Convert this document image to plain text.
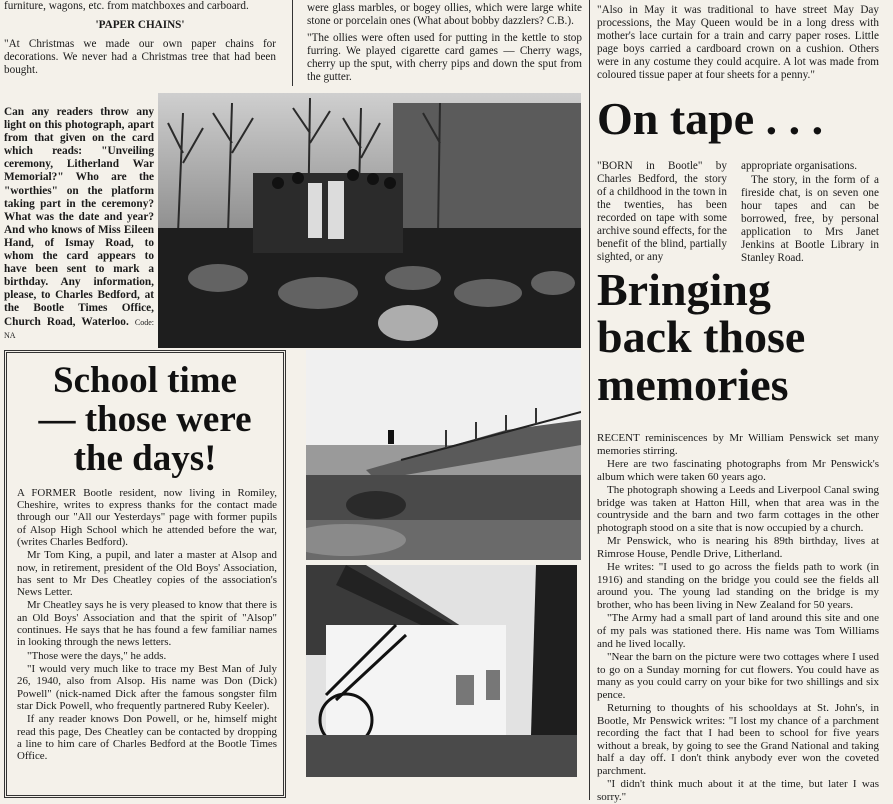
furniture, wagons, etc. from matchboxes and carboard.

'PAPER CHAINS'

"At Christmas we made our own paper chains for decorations. We never had a Christmas tree that had been bought.

were glass marbles, or bogey ollies, which were large white stone or porcelain ones (What about bobby dazzlers? C.B.).

"The ollies were often used for putting in the kettle to stop furring. We played cigarette card games — Cherry wags, cherry up the sput, with cherry pips and down the sput from the gutter.

"Also in May it was traditional to have street May Day processions, the May Queen would be in a long dress with mother's lace curtain for a train and carry paper roses. Little page boys carried a cardboard crown on a cushion. Others were in any costume they could acquire. A lot was made from coloured tissue paper at four sheets for a penny."

Can any readers throw any light on this photograph, apart from that given on the card which reads: "Unveiling ceremony, Litherland War Memorial?" Who are the "worthies" on the platform taking part in the ceremony? What was the date and year? And who knows of Miss Eileen Hand, of Ismay Road, to whom the card appears to have been sent to mark a birthday. Any information, please, to Charles Bedford, at the Bootle Times Office, Church Road, Waterloo. Code: NA
On tape . . .

"BORN in Bootle" by Charles Bedford, the story of a childhood in the town in the twenties, has been recorded on tape with some archive sound effects, for the benefit of the blind, partially sighted, or any

appropriate organisations.

The story, in the form of a fireside chat, is on seven one hour tapes and can be borrowed, free, by personal application to Mrs Janet Jenkins at Bootle Library in Stanley Road.

Bringing
back those
memories
School time
— those were
the days!

A FORMER Bootle resident, now living in Romiley, Cheshire, writes to express thanks for the contact made through our "All our Yesterdays" page with former pupils of Alsop High School which he attended before the war, (writes Charles Bedford).

Mr Tom King, a pupil, and later a master at Alsop and now, in retirement, president of the Old Boys' Association, has sent to Mr Des Cheatley copies of the association's News Letter.

Mr Cheatley says he is very pleased to know that there is an Old Boys' Association and that the spirit of "Alsop" continues. He says that he has found a few familiar names in looking through the news letters.

"Those were the days," he adds.

"I would very much like to trace my Best Man of July 26, 1940, also from Alsop. His name was Don (Dick) Powell" (nick-named Dick after the famous songster film star Dick Powell, who frequently partnered Ruby Keeler).

If any reader knows Don Powell, or he, himself might read this page, Des Cheatley can be contacted by dropping a line to him care of Charles Bedford at the Bootle Times Office.

RECENT reminiscences by Mr William Penswick set many memories stirring.

Here are two fascinating photographs from Mr Penswick's album which were taken 60 years ago.

The photograph showing a Leeds and Liverpool Canal swing bridge was taken at Hatton Hill, when that area was in the countryside and the barn and two farm cottages in the other photograph stood on a site that is now occupied by a church.

Mr Penswick, who is nearing his 89th birthday, lives at Rimrose House, Pendle Drive, Litherland.

He writes: "I used to go across the fields path to work (in 1916) and standing on the bridge you could see the fields all around you. The young lad standing on the bridge is my brother, who has been living in New Zealand for 50 years.

"The Army had a small part of land around this site and one of my pals was stationed there. His name was Tom Williams and he lived locally.

"Near the barn on the picture were two cottages where I used to go on a Sunday morning for cut flowers. You could have as many as you could carry on your bike for two shillings and six pence.

Returning to thoughts of his schooldays at St. John's, in Bootle, Mr Penswick writes: "I lost my chance of a parchment recording the fact that I had been to school for five years without a break, by going to see the Grand National and taking half a day off. I don't think anybody ever won the coveted parchment.

"I didn't think much about it at the time, but later I was sorry."
